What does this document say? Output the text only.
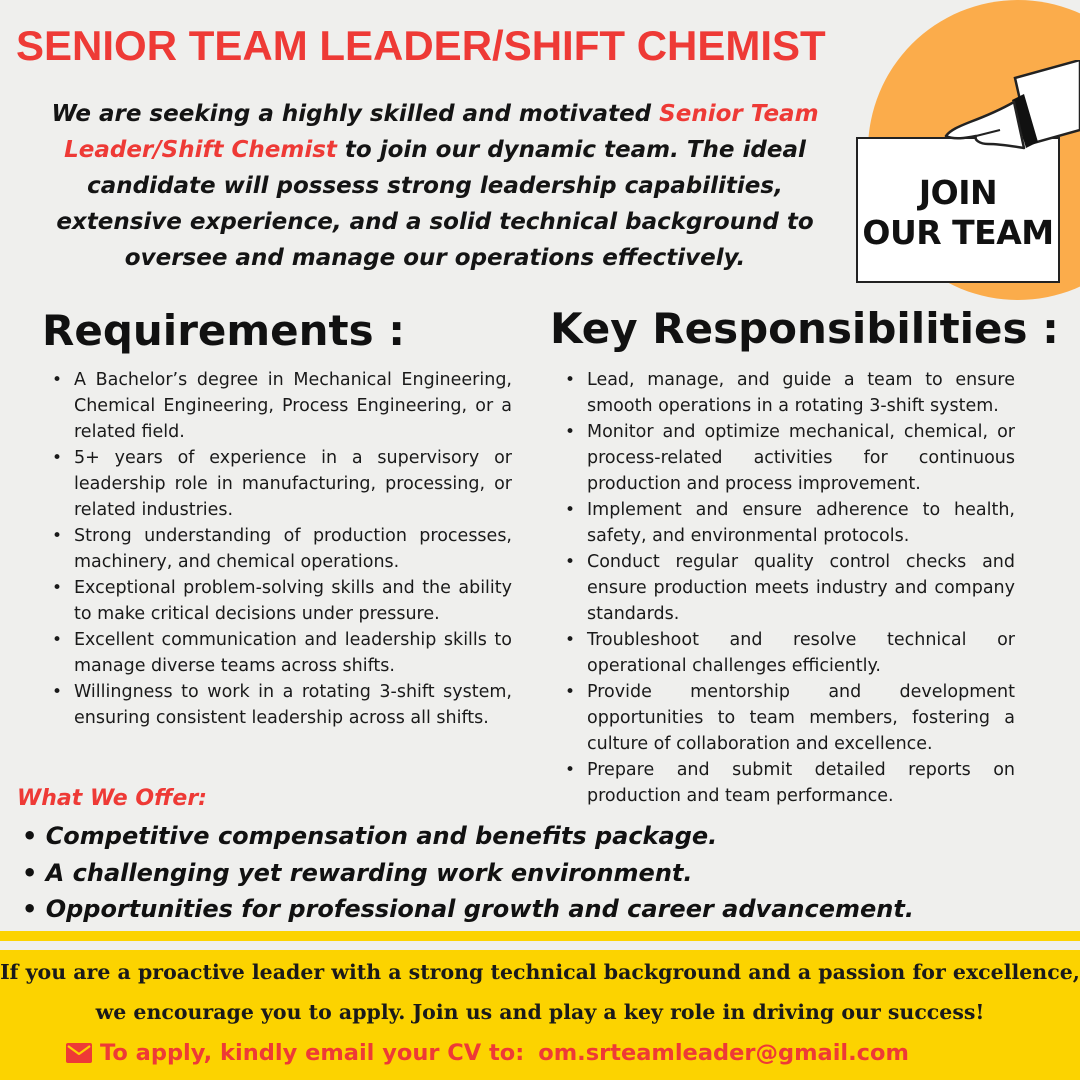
SENIOR TEAM LEADER/SHIFT CHEMIST
JOIN
OUR TEAM
We are seeking a highly skilled and motivated Senior Team Leader/Shift Chemist to join our dynamic team. The ideal candidate will possess strong leadership capabilities, extensive experience, and a solid technical background to oversee and manage our operations effectively.
Requirements :
• A Bachelor’s degree in Mechanical Engineering, Chemical Engineering, Process Engineering, or a related field.
• 5+ years of experience in a supervisory or leadership role in manufacturing, processing, or related industries.
• Strong understanding of production processes, machinery, and chemical operations.
• Exceptional problem-solving skills and the ability to make critical decisions under pressure.
• Excellent communication and leadership skills to manage diverse teams across shifts.
• Willingness to work in a rotating 3-shift system, ensuring consistent leadership across all shifts.
Key Responsibilities :
• Lead, manage, and guide a team to ensure smooth operations in a rotating 3-shift system.
• Monitor and optimize mechanical, chemical, or process-related activities for continuous production and process improvement.
• Implement and ensure adherence to health, safety, and environmental protocols.
• Conduct regular quality control checks and ensure production meets industry and company standards.
• Troubleshoot and resolve technical or operational challenges efficiently.
• Provide mentorship and development opportunities to team members, fostering a culture of collaboration and excellence.
• Prepare and submit detailed reports on production and team performance.
What We Offer:
• Competitive compensation and benefits package.
• A challenging yet rewarding work environment.
• Opportunities for professional growth and career advancement.
If you are a proactive leader with a strong technical background and a passion for excellence,
we encourage you to apply. Join us and play a key role in driving our success!
To apply, kindly email your CV to: om.srteamleader@gmail.com
